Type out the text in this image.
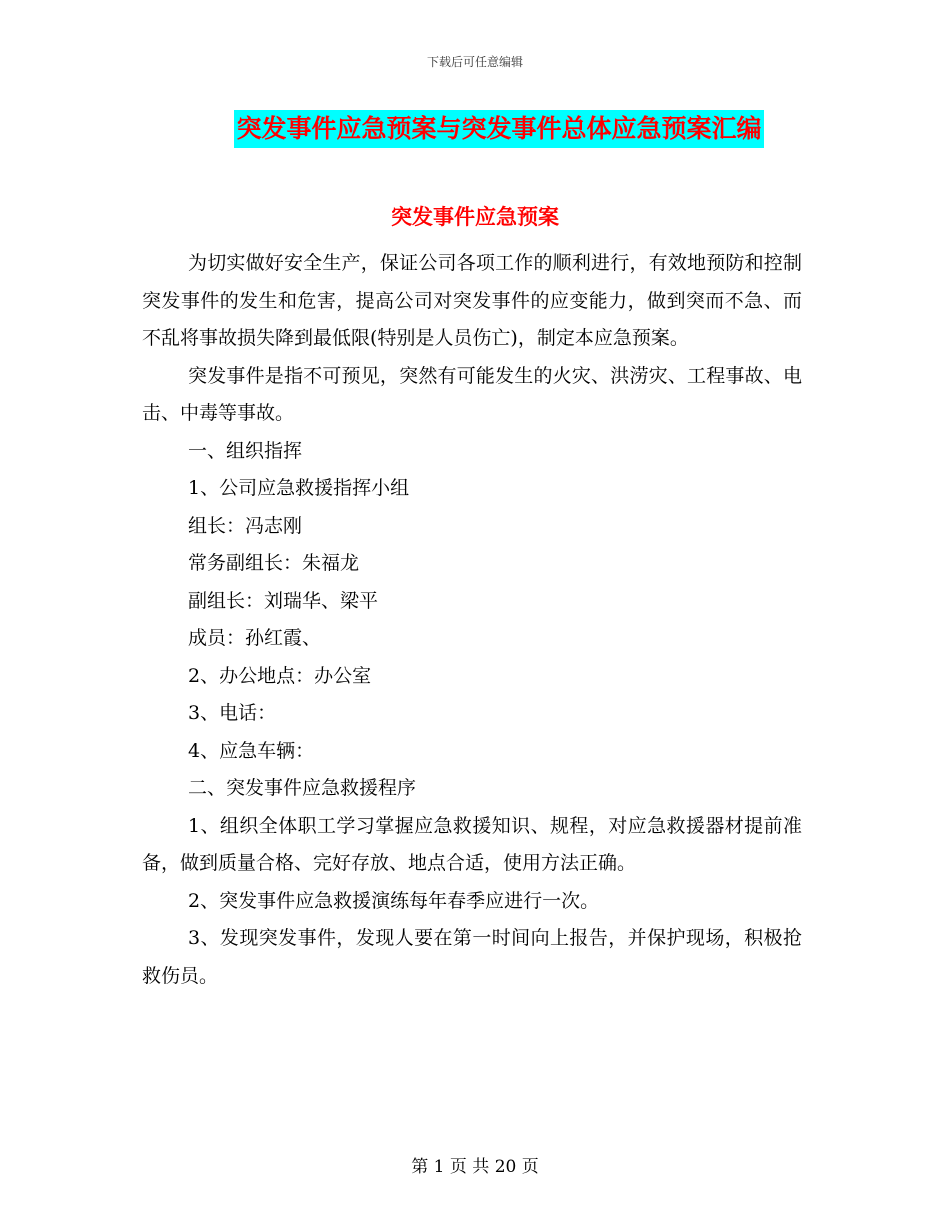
下载后可任意编辑
突发事件应急预案与突发事件总体应急预案汇编
突发事件应急预案

为切实做好安全生产，保证公司各项工作的顺利进行，有效地预防和控制突发事件的发生和危害，提高公司对突发事件的应变能力，做到突而不急、而不乱将事故损失降到最低限(特别是人员伤亡)，制定本应急预案。

突发事件是指不可预见，突然有可能发生的火灾、洪涝灾、工程事故、电击、中毒等事故。

一、组织指挥

1、公司应急救援指挥小组

组长：冯志刚

常务副组长：朱福龙

副组长：刘瑞华、梁平

成员：孙红霞、

2、办公地点：办公室

3、电话：

4、应急车辆：

二、突发事件应急救援程序

1、组织全体职工学习掌握应急救援知识、规程，对应急救援器材提前准备，做到质量合格、完好存放、地点合适，使用方法正确。

2、突发事件应急救援演练每年春季应进行一次。

3、发现突发事件，发现人要在第一时间向上报告，并保护现场，积极抢救伤员。

第 1 页 共 20 页
